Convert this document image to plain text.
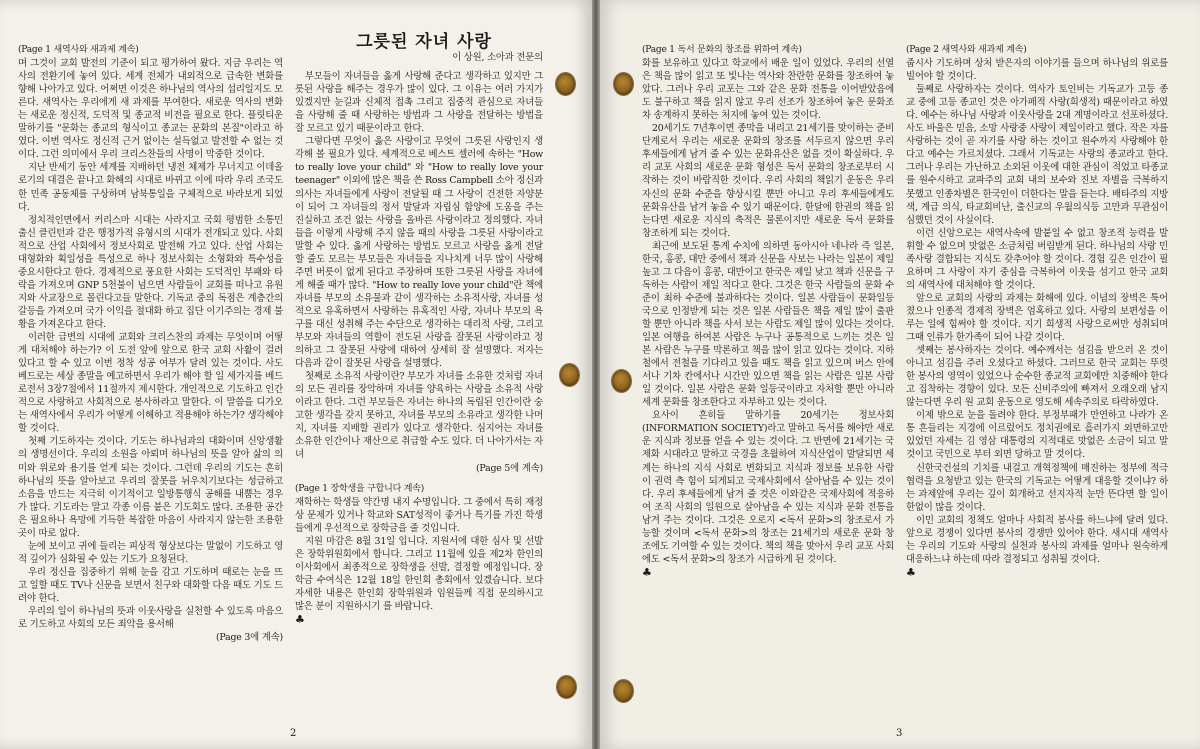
(Page 1 새역사와 새과제 계속)

며 그것이 교회 발전의 기준이 되고 평가하여 왔다. 지금 우리는 역사의 전환기에 놓여 있다. 세계 전체가 내외적으로 급속한 변화를 향해 나아가고 있다. 어쩌면 이것은 하나님의 역사의 섭리일지도 모른다. 새역사는 우리에게 새 과제를 부여한다. 새로운 역사의 변화는 새로운 정신적, 도덕적 및 종교적 비전을 필요로 한다. 플릿티운 말하기를 "문화는 종교의 형식이고 종교는 문화의 본질"이라고 하였다. 이번 역사도 정신적 근거 없이는 설득없고 발전할 수 없는 것이다. 그런 의미에서 우리 크리스찬들의 사명이 막중한 것이다.

지난 반세기 동안 세계를 지배하던 냉전 체제가 무너지고 이데올로기의 대결은 끝나고 화해의 시대로 바뀌고 이에 따라 우리 조국도 한 민족 공동체를 구상하며 남북통일을 구체적으로 바라보게 되었다.

정치적인면에서 커리스마 시대는 사라지고 국회 평범한 소통민출신 클린턴과 같은 행정가적 유형시의 시대가 전개되고 있다. 사회적으로 산업 사회에서 정보사회로 발전해 가고 있다. 산업 사회는 대형화와 획일성을 특성으로 하나 정보사회는 소형화와 특수성을 중요시한다고 한다. 경제적으로 풍요한 사회는 도덕적인 부패와 타락을 가져오며 GNP 5천불이 넘으면 사람들이 교회를 떠나고 유원지와 사교장으로 몰린다고들 말한다. 기독교 중의 독점은 계층간의 갈등을 가져오며 국가 이익을 절대화 하고 집단 이기주의는 경제 불황을 가져온다고 한다.

이러한 급변의 시대에 교회와 크리스찬의 과제는 무엇이며 어떻게 대처해야 하는가? 이 도전 앞에 앞으로 한국 교회 사활이 걸려 있다고 할 수 있고 이번 정착 성공 여부가 달려 있는 것이다. 사도 베드로는 세상 종말을 예고하면서 우리가 해야 할 일 세가지를 베드로전서 3장7절에서 11절까지 제시한다. 개인적으로 기도하고 인간적으로 사랑하고 사회적으로 봉사하라고 말한다. 이 말씀을 디가오는 새역사에서 우리가 어떻게 이해하고 적용해야 하는가? 생각해야 할 것이다.

첫째 기도하자는 것이다. 기도는 하나님과의 대화이며 신앙생활의 생명선이다. 우리의 소원을 아뢰며 하나님의 뜻을 알아 삶의 의미와 위로와 용기를 얻게 되는 것이다. 그런데 우리의 기도는 흔히 하나님의 뜻을 알아보고 우리의 잘못을 뉘우치기보다는 성급하고 소음을 만드는 지극히 이기적이고 일방통행식 공해를 내뿜는 경우가 많다. 기도라는 말고 각종 이름 붙은 기도회도 많다. 조용한 공간은 필요하나 욕망에 기득한 복잡한 마음이 사라지지 않는한 조용한곳이 따로 없다.

눈에 보이고 귀에 들리는 피상적 형상보다는 말없이 기도하고 영적 깊이가 심화될 수 있는 기도가 요청된다.

우리 정신을 집중하기 위해 눈을 감고 기도하며 때로는 눈을 뜨고 일할 때도 TV나 신문을 보면서 친구와 대화할 다음 때도 기도 드려야 한다.

우리의 일이 하나님의 뜻과 이웃사랑을 실천할 수 있도록 마음으로 기도하고 사회의 모든 죄악을 용서해

(Page 3에 계속)

그릇된 자녀 사랑

이 상원, 소아과 전문의

부모들이 자녀들을 옳게 사랑해 준다고 생각하고 있지만 그릇된 사랑을 해주는 경우가 많이 있다. 그 이유는 여러 가지가 있겠지만 눈길과 신체적 접촉 그리고 집중적 관심으로 자녀들을 사랑해 줄 때 사랑하는 방법과 그 사랑을 전달하는 방법을 잘 모르고 있기 때문이라고 한다.

그렇다면 무엇이 옳은 사랑이고 무엇이 그릇된 사랑인지 생각해 볼 필요가 있다. 세계적으로 베스트 셀러에 속하는 "How to really love your child" 와 "How to really love your teenager" 이외에 많은 책을 쓴 Ross Campbell 소아 정신과 의사는 자녀들에게 사랑이 전달될 때 그 사랑이 건전한 자양분이 되어 그 자녀들의 정서 발달과 자립심 함양에 도움을 주는 진실하고 조건 없는 사랑을 올바른 사랑이라고 정의했다. 자녀들을 이렇게 사랑해 주지 않을 때의 사랑을 그릇된 사랑이라고 말할 수 있다. 옳게 사랑하는 방법도 모르고 사랑을 옳게 전달할 줄도 모르는 부모들은 자녀들을 지나치게 너무 많이 사랑해 주면 버릇이 없게 된다고 주장하며 또한 그릇된 사랑을 자녀에게 해줄 때가 많다. "How to really love your child"란 책에 자녀를 부모의 소유물과 같이 생각하는 소유적사랑, 자녀를 성적으로 유혹하면서 사랑하는 유혹적인 사랑, 자녀나 부모의 욕구를 대신 성취해 주는 수단으로 생각하는 대리적 사랑, 그리고 부모와 자녀들의 역할이 전도된 사랑을 잘못된 사랑이라고 정의하고 그 잘못된 사랑에 대하여 상세히 잘 설명했다. 저자는 다음과 같이 잘못된 사랑을 설명했다.

첫째로 소유적 사랑이란? 부모가 자녀를 소유한 것처럼 자녀의 모든 권리를 장악하며 자녀를 양육하는 사랑을 소유적 사랑이라고 한다. 그런 부모들은 자녀는 하나의 독립된 인간이란 숭고한 생각을 갖지 못하고, 자녀를 부모의 소유라고 생각한 나머지, 자녀를 지배할 권리가 있다고 생각한다. 심지어는 자녀를 소유한 인간이나 재산으로 취급할 수도 있다. 더 나아가서는 자녀

(Page 5에 계속)

(Page 1 장학생을 구합니다 계속)

재학하는 학생들 약간명 내지 수명입니다. 그 중에서 특히 재정상 문제가 있거나 학교와 SAT성적이 좋거나 특기를 가진 학생들에게 우선적으로 장학금을 줄 것입니다.

지원 마감은 8월 31일 입니다. 지원서에 대한 심사 및 선발은 장학위원회에서 합니다. 그리고 11월에 있을 제2차 한인의 이사회에서 최종적으로 장학생을 선발, 결정할 예정입니다. 장학금 수여식은 12월 18일 한인회 총회에서 있겠습니다. 보다 자세한 내용은 한인회 장학위원과 임원들께 직접 문의하시고 많은 분이 지원하시기 를 바랍니다.

♣
2

(Page 1 독서 문화의 창조를 위하여 계속)

화를 보유하고 있다고 학교에서 배운 일이 있었다. 우리의 선열은 책을 많이 읽고 또 빛나는 역사와 찬란한 문화를 창조하여 놓았다. 그러나 우리 교포는 그와 같은 문화 전통을 이어받았음에도 불구하고 책을 읽지 않고 우리 선조가 창조하여 놓은 문화조차 송계하지 못하는 처지에 놓여 있는 것이다.

20세기도 7년후이면 종막을 내리고 21세기를 맞이하는 준비 단계로서 우리는 새로운 문화의 창조를 서두르지 않으면 우리 후세들에게 남겨 줄 수 있는 문화유산은 없을 것이 확실하다. 우리 교포 사회의 새로운 문화 형성은 독서 문화의 창조로부터 시작하는 것이 바람직한 것이다. 우리 사회의 책읽기 운동은 우리 자신의 문화 수준을 향상시킬 뿐만 아니고 우리 후세들에게도 문화유산을 남겨 놓을 수 있기 때문이다. 한달에 한권의 책을 읽는다면 새로운 지식의 축적은 물론이지만 새로운 독서 문화를 창조하게 되는 것이다.

최근에 보도된 통계 수치에 의하면 동아시아 네나라 즉 일본, 한국, 홍콩, 대만 중에서 책과 신문을 사보는 나라는 일본이 제일 높고 그 다음이 홍콩, 대만이고 한국은 제일 낮고 책과 신문을 구독하는 사람이 제일 적다고 한다. 그것은 한국 사람들의 문화 수준이 최하 수준에 불과하다는 것이다. 일본 사람들이 문화일등국으로 인정받게 되는 것은 일본 사람들은 책을 제일 많이 출판할 뿐만 아니라 책을 사서 보는 사람도 제일 많이 있다는 것이다. 일본 여행을 하여본 사람은 누구나 공통적으로 느끼는 것은 일본 사람은 누구를 막론하고 책을 많이 읽고 있다는 것이다. 지하철에서 전철을 기다리고 있을 때도 책을 읽고 있으며 버스 안에서나 기차 칸에서나 시간만 있으면 책을 읽는 사람은 일본 사람일 것이다. 일본 사람은 문화 일등국이라고 자처할 뿐만 아니라 세계 문화를 창조한다고 자부하고 있는 것이다.

요사이 흔히들 말하기를 20세기는 정보사회(INFORMATION SOCIETY)라고 말하고 독서를 해야만 새로운 지식과 정보를 얻을 수 있는 것이다. 그 반면에 21세기는 국제화 시대라고 말하고 국경을 초월하여 지식산업이 발달되면 세계는 하나의 지식 사회로 변화되고 지식과 정보를 보유한 사람이 권력 측 힘이 되게되고 국제사회에서 살아남을 수 있는 것이다. 우리 후세들에게 남겨 줄 것은 이와같은 국제사회에 적응하여 조직 사회의 일원으로 살아남을 수 있는 지식과 문화 전통을 남겨 주는 것이다. 그것은 오로지 <독서 문화>의 창조로서 가능할 것이며 <독서 문화>의 창조는 21세기의 새로운 문화 창조에도 기여할 수 있는 것이다. 책의 책을 맞아서 우리 교포 사회에도 <독서 문화>의 창조가 시급하게 된 것이다.

♣

(Page 2 새역사와 새과제 계속)

줍시사 기도하며 상처 받은자의 이야기를 들으며 하나님의 위로를 빌어야 할 것이다.

둘째로 사랑하자는 것이다. 역사가 토인비는 기독교가 고등 종교 중에 고등 종교인 것은 아가페적 사랑(희생적) 때문이라고 하였다. 예수는 하나님 사랑과 이웃사랑을 2대 계명이라고 선포하셨다. 사도 바울은 믿음, 소망 사랑중 사랑이 제일이라고 했다. 작은 자를 사랑하는 것이 곧 자기를 사랑 하는 것이고 원수까지 사랑해야 한다고 예수는 가르치셨다. 그래서 기독교는 사랑의 종교라고 한다. 그러나 우리는 가난하고 소외된 이웃에 대한 관심이 적었고 타종교를 원수시하고 교파주의 교회 내의 보수와 진보 자별을 극복하지 못했고 인종차별은 한국인이 더한다는 말을 듣는다. 배타주의 지방색, 계급 의식, 타교회비난, 출신교의 우월의식등 고만과 무관심이 심했던 것이 사실이다.

이런 신앙으로는 새역사속에 발붙일 수 없고 창조적 능력을 발휘할 수 없으며 맛없은 소금처럼 버림받게 된다. 하나님의 사랑 민족사랑 결합되는 지식도 갖추어야 할 것이다. 경험 깊은 인간이 필요하며 그 사랑이 자기 중심을 극복하여 이웃을 섬기고 한국 교회의 새역사에 대처해야 할 것이다.

앞으로 교회의 사랑의 과제는 화해에 있다. 이념의 장벽은 툭어졌으나 인종적 경제적 장벽은 엄혹하고 있다. 사랑의 보편성을 이루는 일에 힘써야 할 것이다. 지기 희생적 사랑으로써만 성취되며 그때 인류가 한가족이 되어 나갈 것이다.

셋째는 봉사하자는 것이다. 예수께서는 섬김을 받으러 온 것이 아니고 섬김을 주러 오셨다고 하셨다. 그러므로 한국 교회는 뚜렷한 봉사의 영역이 있었으나 순수한 종교적 교회에만 치중해야 한다고 집착하는 경향이 있다. 모든 신비주의에 빠져서 오래오래 남지 않는다면 우리 원 교회 운동으로 영도해 세속주의로 타락하였다.

이제 밖으로 눈을 돌려야 한다. 부정부패가 만연하고 나라가 온통 흔들리는 지경에 이르렀어도 정치권에로 흘러가지 외면하고만 있었던 자세는 김 영삼 대통령의 지적대로 맛없은 소금이 되고 말 것이고 국민으로 부터 외면 당하고 말 것이다.

신한국건설의 기치를 내걸고 개혁정책에 매진하는 정부에 적극협력을 요청받고 있는 한국의 기독교는 어떻게 대응할 것이냐? 하는 과제앞에 우리는 깊이 회개하고 선지자적 눈만 뜬다면 할 일이 한없이 많을 것이다.

이민 교회의 정책도 얼마나 사회적 봉사를 하느냐에 달려 있다. 앞으로 경쟁이 있다면 봉사의 경쟁만 있어야 한다. 새시대 새역사는 우리의 기도와 사랑의 실천과 봉사의 과제를 얼마나 원숙하게 대응하느냐 하는데 따라 결정되고 성취될 것이다.

♣
3
